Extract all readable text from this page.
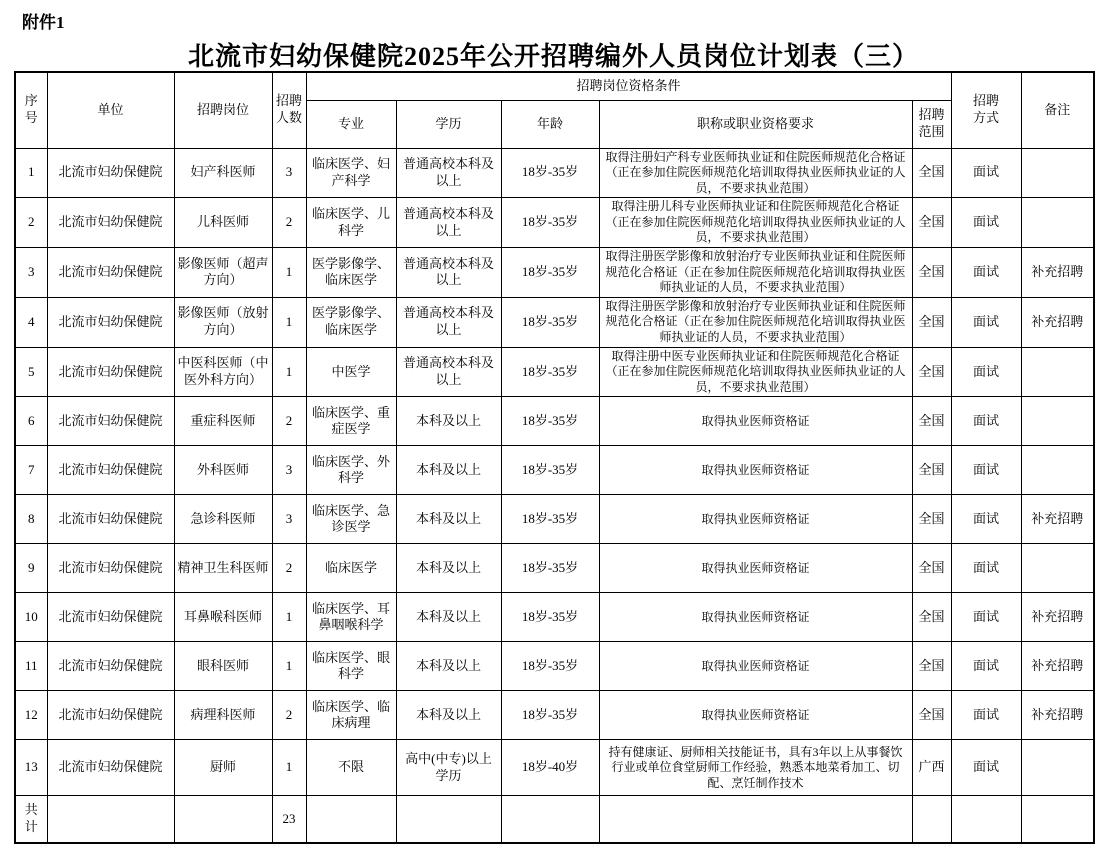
附件1
北流市妇幼保健院2025年公开招聘编外人员岗位计划表（三）
序号	单位	招聘岗位	招聘人数	招聘岗位资格条件					招聘方式	备注
				专业	学历	年龄	职称或职业资格要求	招聘范围		
1	北流市妇幼保健院	妇产科医师	3	临床医学、妇产科学	普通高校本科及以上	18岁-35岁	取得注册妇产科专业医师执业证和住院医师规范化合格证（正在参加住院医师规范化培训取得执业医师执业证的人员，不要求执业范围）	全国	面试	
2	北流市妇幼保健院	儿科医师	2	临床医学、儿科学	普通高校本科及以上	18岁-35岁	取得注册儿科专业医师执业证和住院医师规范化合格证（正在参加住院医师规范化培训取得执业医师执业证的人员，不要求执业范围）	全国	面试	
3	北流市妇幼保健院	影像医师（超声方向）	1	医学影像学、临床医学	普通高校本科及以上	18岁-35岁	取得注册医学影像和放射治疗专业医师执业证和住院医师规范化合格证（正在参加住院医师规范化培训取得执业医师执业证的人员，不要求执业范围）	全国	面试	补充招聘
4	北流市妇幼保健院	影像医师（放射方向）	1	医学影像学、临床医学	普通高校本科及以上	18岁-35岁	取得注册医学影像和放射治疗专业医师执业证和住院医师规范化合格证（正在参加住院医师规范化培训取得执业医师执业证的人员，不要求执业范围）	全国	面试	补充招聘
5	北流市妇幼保健院	中医科医师（中医外科方向）	1	中医学	普通高校本科及以上	18岁-35岁	取得注册中医专业医师执业证和住院医师规范化合格证（正在参加住院医师规范化培训取得执业医师执业证的人员，不要求执业范围）	全国	面试	
6	北流市妇幼保健院	重症科医师	2	临床医学、重症医学	本科及以上	18岁-35岁	取得执业医师资格证	全国	面试	
7	北流市妇幼保健院	外科医师	3	临床医学、外科学	本科及以上	18岁-35岁	取得执业医师资格证	全国	面试	
8	北流市妇幼保健院	急诊科医师	3	临床医学、急诊医学	本科及以上	18岁-35岁	取得执业医师资格证	全国	面试	补充招聘
9	北流市妇幼保健院	精神卫生科医师	2	临床医学	本科及以上	18岁-35岁	取得执业医师资格证	全国	面试	
10	北流市妇幼保健院	耳鼻喉科医师	1	临床医学、耳鼻咽喉科学	本科及以上	18岁-35岁	取得执业医师资格证	全国	面试	补充招聘
11	北流市妇幼保健院	眼科医师	1	临床医学、眼科学	本科及以上	18岁-35岁	取得执业医师资格证	全国	面试	补充招聘
12	北流市妇幼保健院	病理科医师	2	临床医学、临床病理	本科及以上	18岁-35岁	取得执业医师资格证	全国	面试	补充招聘
13	北流市妇幼保健院	厨师	1	不限	高中(中专)以上学历	18岁-40岁	持有健康证、厨师相关技能证书，具有3年以上从事餐饮行业或单位食堂厨师工作经验，熟悉本地菜肴加工、切配、烹饪制作技术	广西	面试	
共计			23							
